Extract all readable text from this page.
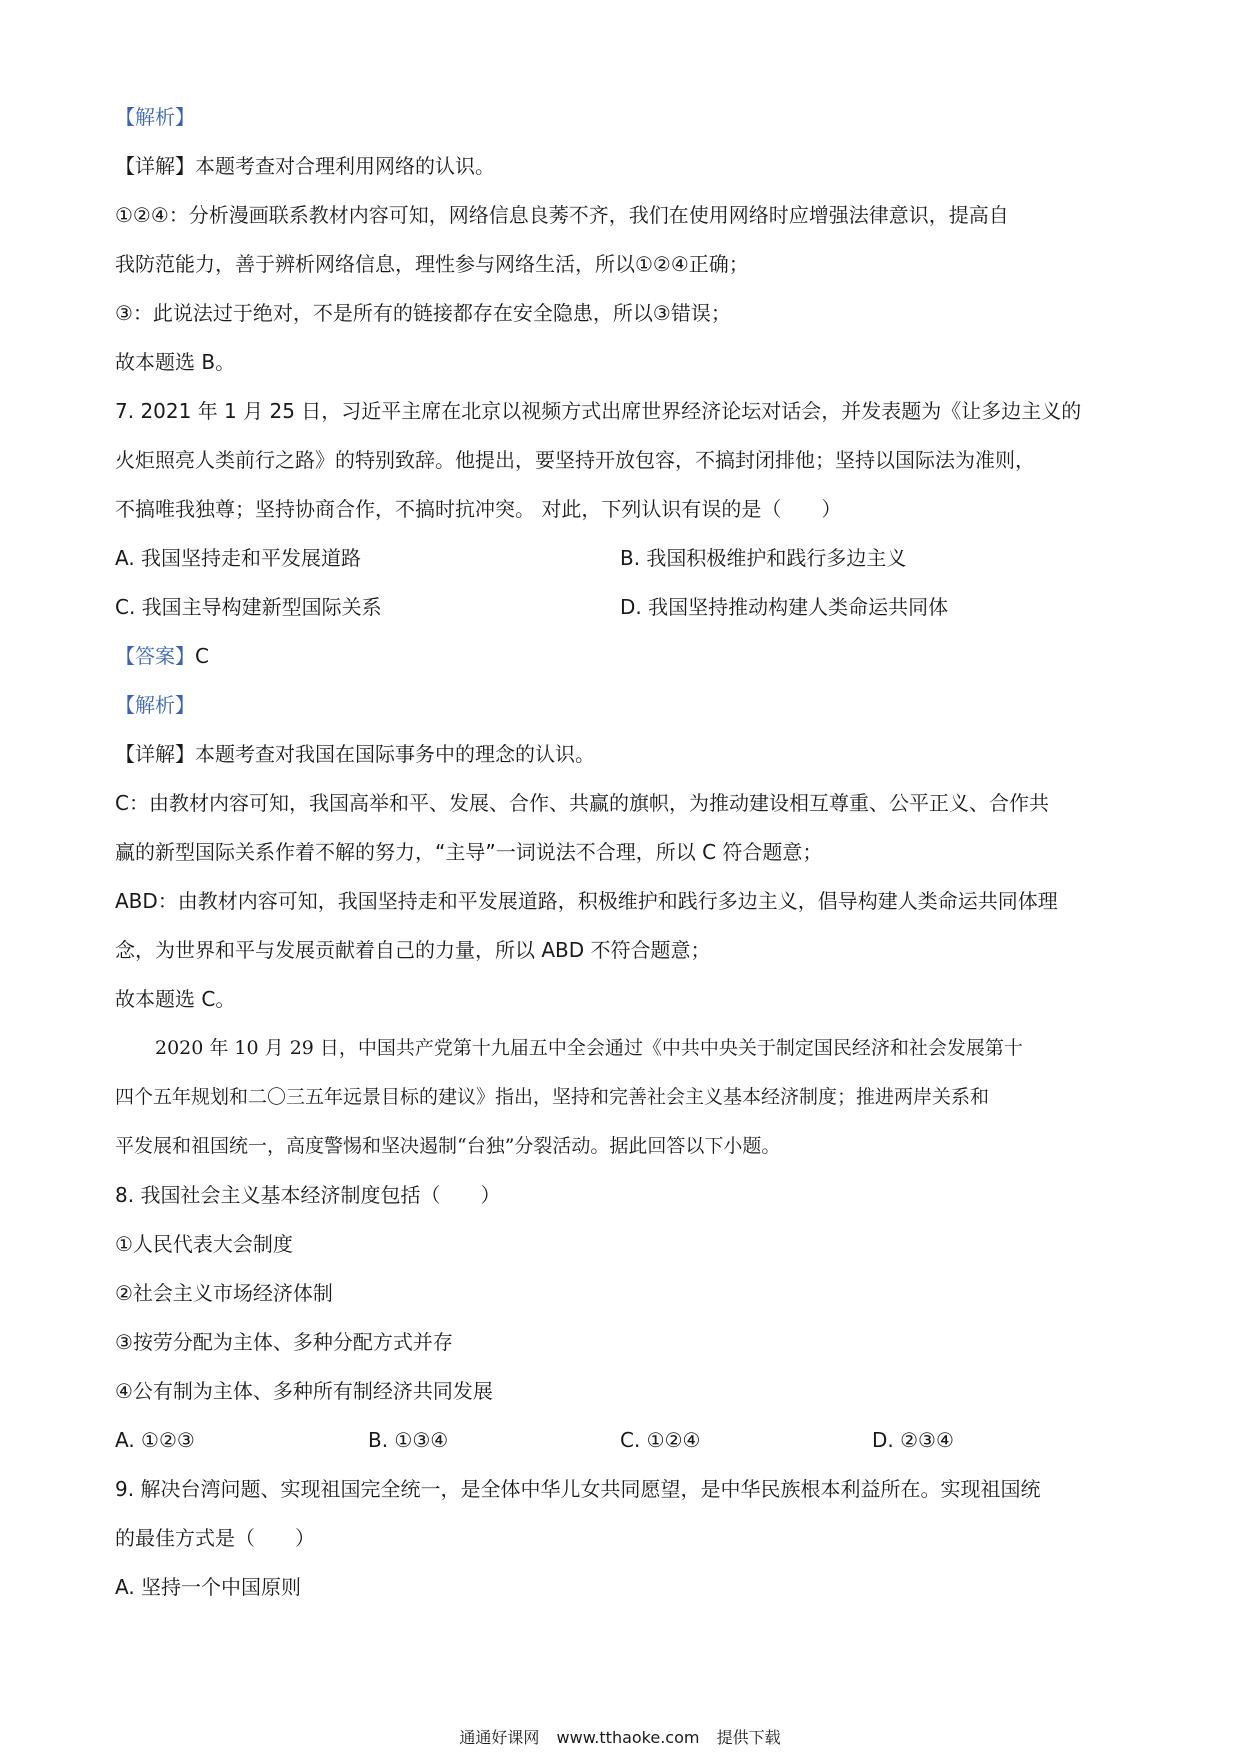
【解析】
【详解】本题考查对合理利用网络的认识。
①②④：分析漫画联系教材内容可知，网络信息良莠不齐，我们在使用网络时应增强法律意识，提高自
我防范能力，善于辨析网络信息，理性参与网络生活，所以①②④正确；
③：此说法过于绝对，不是所有的链接都存在安全隐患，所以③错误；
故本题选 B。
7. 2021 年 1 月 25 日，习近平主席在北京以视频方式出席世界经济论坛对话会，并发表题为《让多边主义的
火炬照亮人类前行之路》的特别致辞。他提出，要坚持开放包容，不搞封闭排他；坚持以国际法为准则，
不搞唯我独尊；坚持协商合作，不搞时抗冲突。 对此，下列认识有误的是（　　）
A. 我国坚持走和平发展道路	B. 我国积极维护和践行多边主义
C. 我国主导构建新型国际关系	D. 我国坚持推动构建人类命运共同体
【答案】C
【解析】
【详解】本题考查对我国在国际事务中的理念的认识。
C：由教材内容可知，我国高举和平、发展、合作、共赢的旗帜，为推动建设相互尊重、公平正义、合作共
赢的新型国际关系作着不解的努力，“主导”一词说法不合理，所以 C 符合题意；
ABD：由教材内容可知，我国坚持走和平发展道路，积极维护和践行多边主义，倡导构建人类命运共同体理
念，为世界和平与发展贡献着自己的力量，所以 ABD 不符合题意；
故本题选 C。
2020 年 10 月 29 日，中国共产党第十九届五中全会通过《中共中央关于制定国民经济和社会发展第十
四个五年规划和二〇三五年远景目标的建议》指出，坚持和完善社会主义基本经济制度；推进两岸关系和
平发展和祖国统一，高度警惕和坚决遏制“台独”分裂活动。据此回答以下小题。
8. 我国社会主义基本经济制度包括（　　）
①人民代表大会制度
②社会主义市场经济体制
③按劳分配为主体、多种分配方式并存
④公有制为主体、多种所有制经济共同发展
A. ①②③	B. ①③④	C. ①②④	D. ②③④
9. 解决台湾问题、实现祖国完全统一，是全体中华儿女共同愿望，是中华民族根本利益所在。实现祖国统
的最佳方式是（　　）
A. 坚持一个中国原则
通通好课网 www.tthaoke.com 提供下载
